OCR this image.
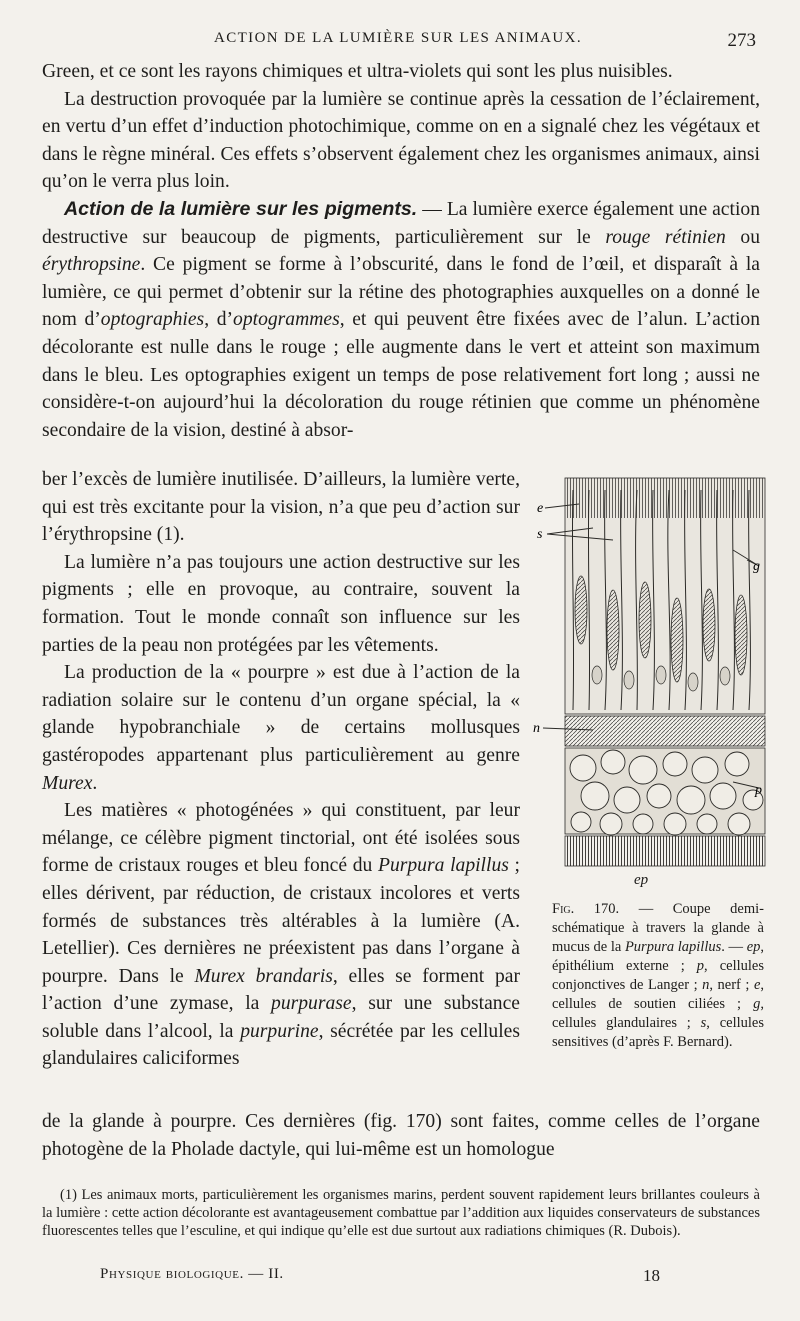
ACTION DE LA LUMIÈRE SUR LES ANIMAUX.	273

Green, et ce sont les rayons chimiques et ultra-violets qui sont les plus nuisibles.

La destruction provoquée par la lumière se continue après la cessation de l’éclairement, en vertu d’un effet d’induction photochimique, comme on en a signalé chez les végétaux et dans le règne minéral. Ces effets s’observent également chez les organismes animaux, ainsi qu’on le verra plus loin.

Action de la lumière sur les pigments. — La lumière exerce également une action destructive sur beaucoup de pigments, particulièrement sur le rouge rétinien ou érythropsine. Ce pigment se forme à l’obscurité, dans le fond de l’œil, et disparaît à la lumière, ce qui permet d’obtenir sur la rétine des photographies auxquelles on a donné le nom d’optographies, d’optogrammes, et qui peuvent être fixées avec de l’alun. L’action décolorante est nulle dans le rouge ; elle augmente dans le vert et atteint son maximum dans le bleu. Les optographies exigent un temps de pose relativement fort long ; aussi ne considère-t-on aujourd’hui la décoloration du rouge rétinien que comme un phénomène secondaire de la vision, destiné à absor-

ber l’excès de lumière inutilisée. D’ailleurs, la lumière verte, qui est très excitante pour la vision, n’a que peu d’action sur l’érythropsine (1).

La lumière n’a pas toujours une action destructive sur les pigments ; elle en provoque, au contraire, souvent la formation. Tout le monde connaît son influence sur les parties de la peau non protégées par les vêtements.

La production de la « pourpre » est due à l’action de la radiation solaire sur le contenu d’un organe spécial, la « glande hypobranchiale » de certains mollusques gastéropodes appartenant plus particulièrement au genre Murex.

Les matières « photogénées » qui constituent, par leur mélange, ce célèbre pigment tinctorial, ont été isolées sous forme de cristaux rouges et bleu foncé du Purpura lapillus ; elles dérivent, par réduction, de cristaux incolores et verts formés de substances très altérables à la lumière (A. Letellier). Ces dernières ne préexistent pas dans l’organe à pourpre. Dans le Murex brandaris, elles se forment par l’action d’une zymase, la purpurase, sur une substance soluble dans l’alcool, la purpurine, sécrétée par les cellules glandulaires caliciformes

e
s
g
n
p
ep
Fig. 170. — Coupe demi-schématique à travers la glande à mucus de la Purpura lapillus. — ep, épithélium externe ; p, cellules conjonctives de Langer ; n, nerf ; e, cellules de soutien ciliées ; g, cellules glandulaires ; s, cellules sensitives (d’après F. Bernard).

de la glande à pourpre. Ces dernières (fig. 170) sont faites, comme celles de l’organe photogène de la Pholade dactyle, qui lui-même est un homologue

(1) Les animaux morts, particulièrement les organismes marins, perdent souvent rapidement leurs brillantes couleurs à la lumière : cette action décolorante est avantageusement combattue par l’addition aux liquides conservateurs de substances fluorescentes telles que l’esculine, et qui indique qu’elle est due surtout aux radiations chimiques (R. Dubois).

Physique biologique. — II.	18
